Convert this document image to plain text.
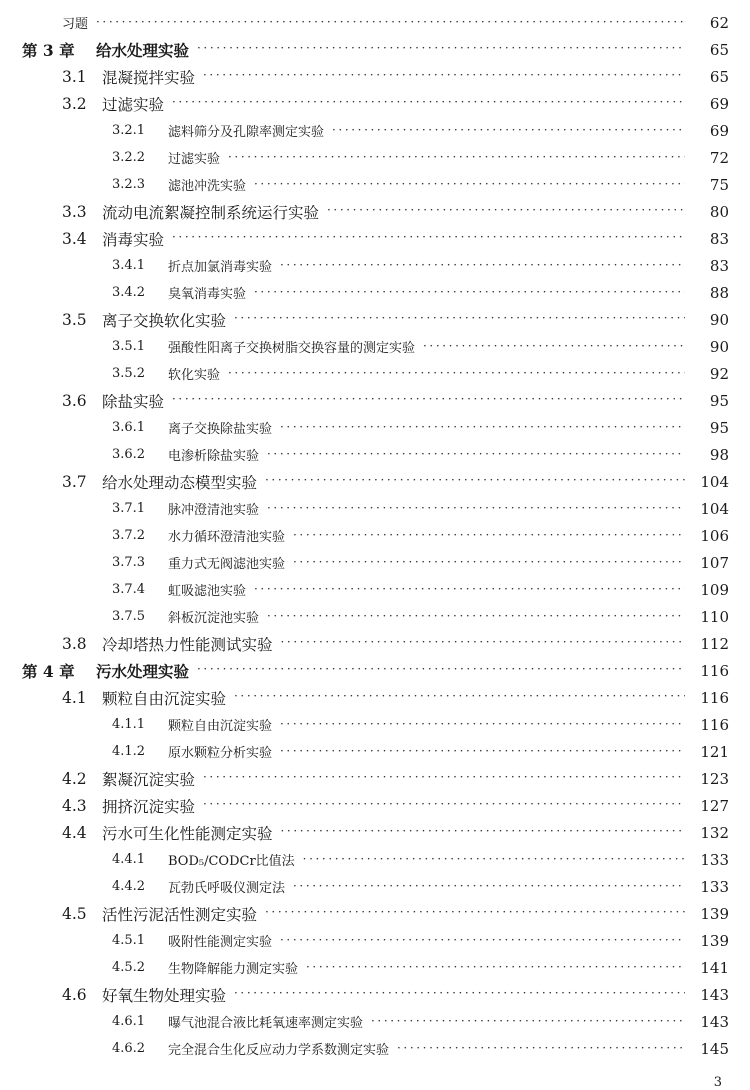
习题 ·····	62
第 3 章	给水处理实验 ·····	65
3.1 混凝搅拌实验 ·····	65
3.2 过滤实验 ·····	69
3.2.1	滤料筛分及孔隙率测定实验 ·····	69
3.2.2	过滤实验 ·····	72
3.2.3	滤池冲洗实验 ·····	75
3.3 流动电流絮凝控制系统运行实验 ·····	80
3.4 消毒实验 ·····	83
3.4.1	折点加氯消毒实验 ·····	83
3.4.2	臭氧消毒实验 ·····	88
3.5 离子交换软化实验 ·····	90
3.5.1	强酸性阳离子交换树脂交换容量的测定实验 ·····	90
3.5.2	软化实验 ·····	92
3.6 除盐实验 ·····	95
3.6.1	离子交换除盐实验 ·····	95
3.6.2	电渗析除盐实验 ·····	98
3.7 给水处理动态模型实验 ·····	104
3.7.1	脉冲澄清池实验 ·····	104
3.7.2	水力循环澄清池实验 ·····	106
3.7.3	重力式无阀滤池实验 ·····	107
3.7.4	虹吸滤池实验 ·····	109
3.7.5	斜板沉淀池实验 ·····	110
3.8 冷却塔热力性能测试实验 ·····	112
第 4 章	污水处理实验 ·····	116
4.1 颗粒自由沉淀实验 ·····	116
4.1.1	颗粒自由沉淀实验 ·····	116
4.1.2	原水颗粒分析实验 ·····	121
4.2 絮凝沉淀实验 ·····	123
4.3 拥挤沉淀实验 ·····	127
4.4 污水可生化性能测定实验 ·····	132
4.4.1	BOD₅/CODCr比值法 ·····	133
4.4.2	瓦勃氏呼吸仪测定法 ·····	133
4.5 活性污泥活性测定实验 ·····	139
4.5.1	吸附性能测定实验 ·····	139
4.5.2	生物降解能力测定实验 ·····	141
4.6 好氧生物处理实验 ·····	143
4.6.1	曝气池混合液比耗氧速率测定实验 ·····	143
4.6.2	完全混合生化反应动力学系数测定实验 ·····	145
3
